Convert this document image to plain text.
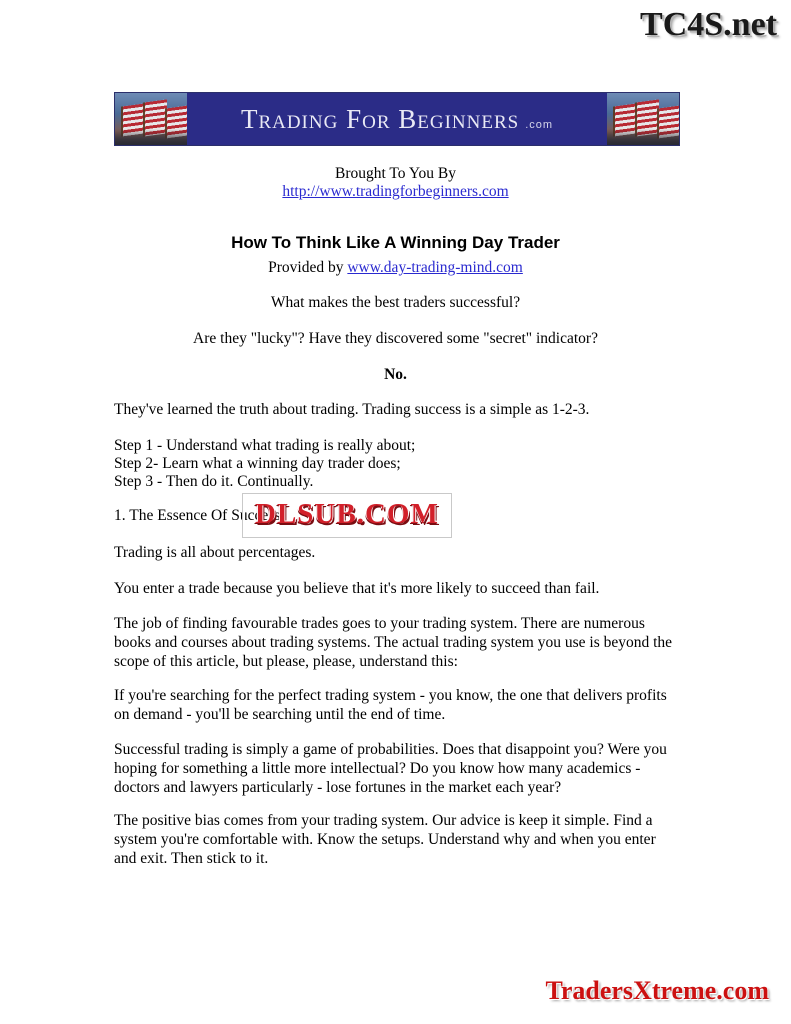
TC4S.net
Trading For Beginners .com
Brought To You By
http://www.tradingforbeginners.com
How To Think Like A Winning Day Trader
Provided by www.day-trading-mind.com
What makes the best traders successful?
Are they "lucky"? Have they discovered some "secret" indicator?
No.
They've learned the truth about trading. Trading success is a simple as 1-2-3.
Step 1 - Understand what trading is really about;
Step 2- Learn what a winning day trader does;
Step 3 - Then do it. Continually.
1. The Essence Of Success
Trading is all about percentages.
You enter a trade because you believe that it's more likely to succeed than fail.
The job of finding favourable trades goes to your trading system. There are numerous books and courses about trading systems. The actual trading system you use is beyond the scope of this article, but please, please, understand this:
If you're searching for the perfect trading system - you know, the one that delivers profits on demand - you'll be searching until the end of time.
Successful trading is simply a game of probabilities. Does that disappoint you? Were you hoping for something a little more intellectual? Do you know how many academics - doctors and lawyers particularly - lose fortunes in the market each year?
The positive bias comes from your trading system. Our advice is keep it simple. Find a system you're comfortable with. Know the setups. Understand why and when you enter and exit. Then stick to it.
DLSUB.COM
TradersXtreme.com
